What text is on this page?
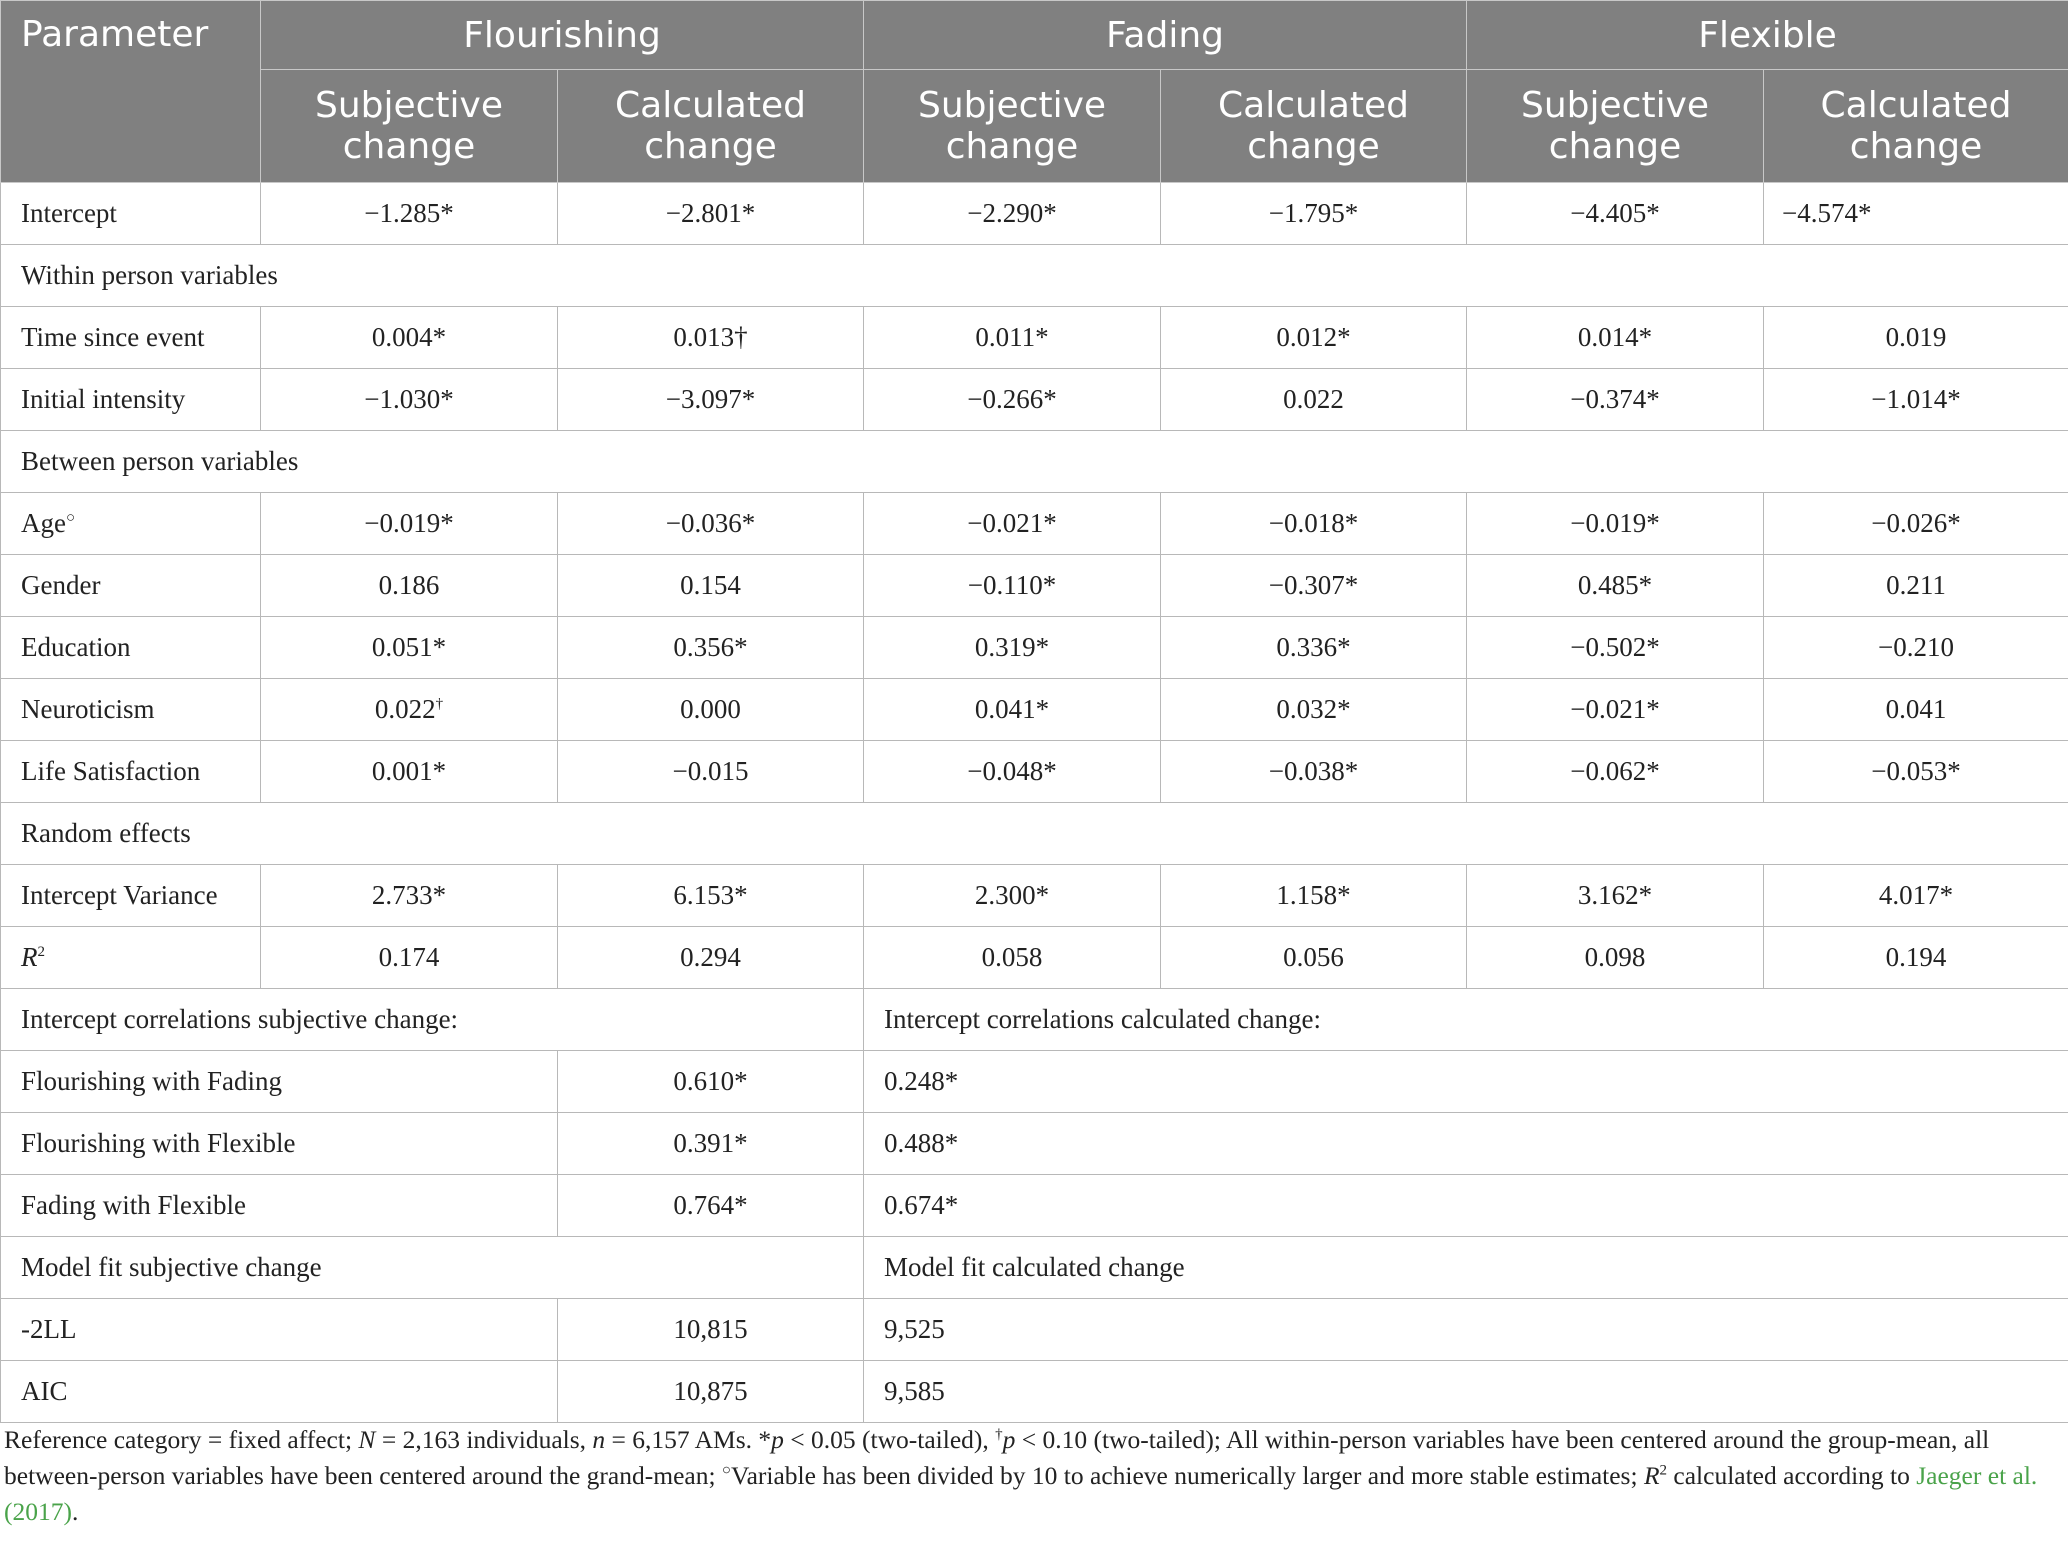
Parameter	Flourishing		Fading		Flexible	
	Subjective change	Calculated change	Subjective change	Calculated change	Subjective change	Calculated change
Intercept	−1.285*	−2.801*	−2.290*	−1.795*	−4.405*	−4.574*
Within person variables						
Time since event	0.004*	0.013†	0.011*	0.012*	0.014*	0.019
Initial intensity	−1.030*	−3.097*	−0.266*	0.022	−0.374*	−1.014*
Between person variables						
Age○	−0.019*	−0.036*	−0.021*	−0.018*	−0.019*	−0.026*
Gender	0.186	0.154	−0.110*	−0.307*	0.485*	0.211
Education	0.051*	0.356*	0.319*	0.336*	−0.502*	−0.210
Neuroticism	0.022†	0.000	0.041*	0.032*	−0.021*	0.041
Life Satisfaction	0.001*	−0.015	−0.048*	−0.038*	−0.062*	−0.053*
Random effects						
Intercept Variance	2.733*	6.153*	2.300*	1.158*	3.162*	4.017*
$R^2$	0.174	0.294	0.058	0.056	0.098	0.194
Intercept correlations subjective change:			Intercept correlations calculated change:			
Flourishing with Fading		0.610*	0.248*			
Flourishing with Flexible		0.391*	0.488*			
Fading with Flexible		0.764*	0.674*			
Model fit subjective change			Model fit calculated change			
-2LL		10,815	9,525			
AIC		10,875	9,585			
Reference category = fixed affect; N = 2,163 individuals, n = 6,157 AMs. *p < 0.05 (two-tailed), †p < 0.10 (two-tailed); All within-person variables have been centered around the group-mean, all between-person variables have been centered around the grand-mean; ○Variable has been divided by 10 to achieve numerically larger and more stable estimates; $R^2$ calculated according to Jaeger et al. (2017).
